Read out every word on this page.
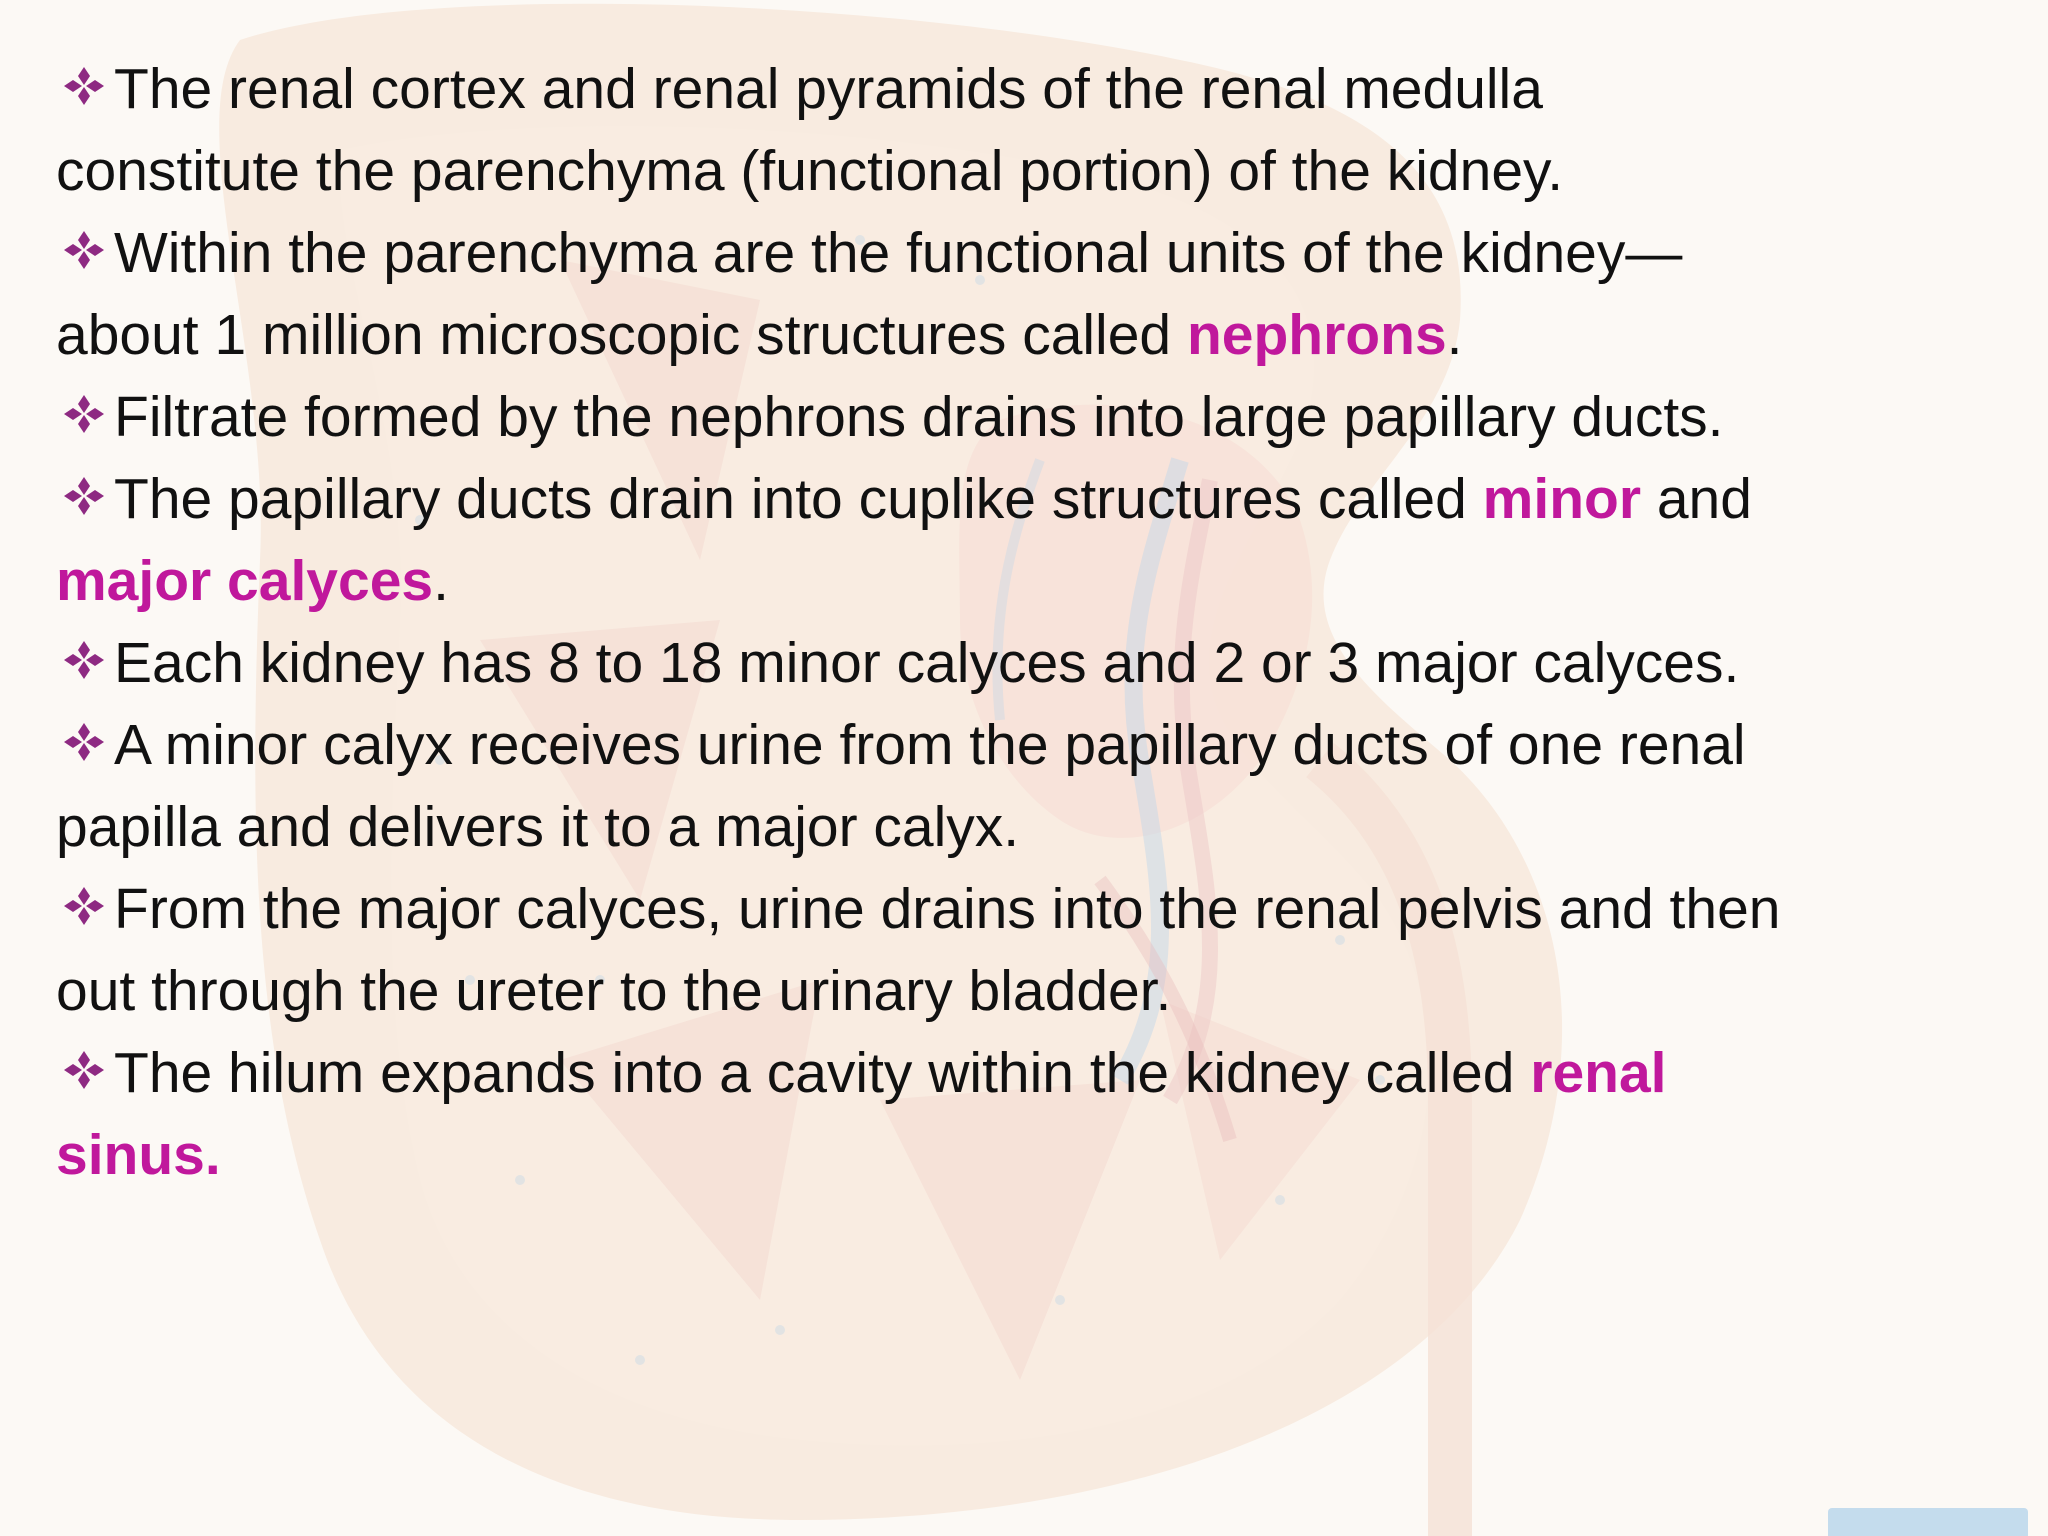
The renal cortex and renal pyramids of the renal medulla
constitute the parenchyma (functional portion) of the kidney.

Within the parenchyma are the functional units of the kidney—
about 1 million microscopic structures called nephrons.

Filtrate formed by the nephrons drains into large papillary ducts.

The papillary ducts drain into cuplike structures called minor and
major calyces.

Each kidney has 8 to 18 minor calyces and 2 or 3 major calyces.

A minor calyx receives urine from the papillary ducts of one renal
papilla and delivers it to a major calyx.

From the major calyces, urine drains into the renal pelvis and then
out through the ureter to the urinary bladder.

The hilum expands into a cavity within the kidney called renal
sinus.
